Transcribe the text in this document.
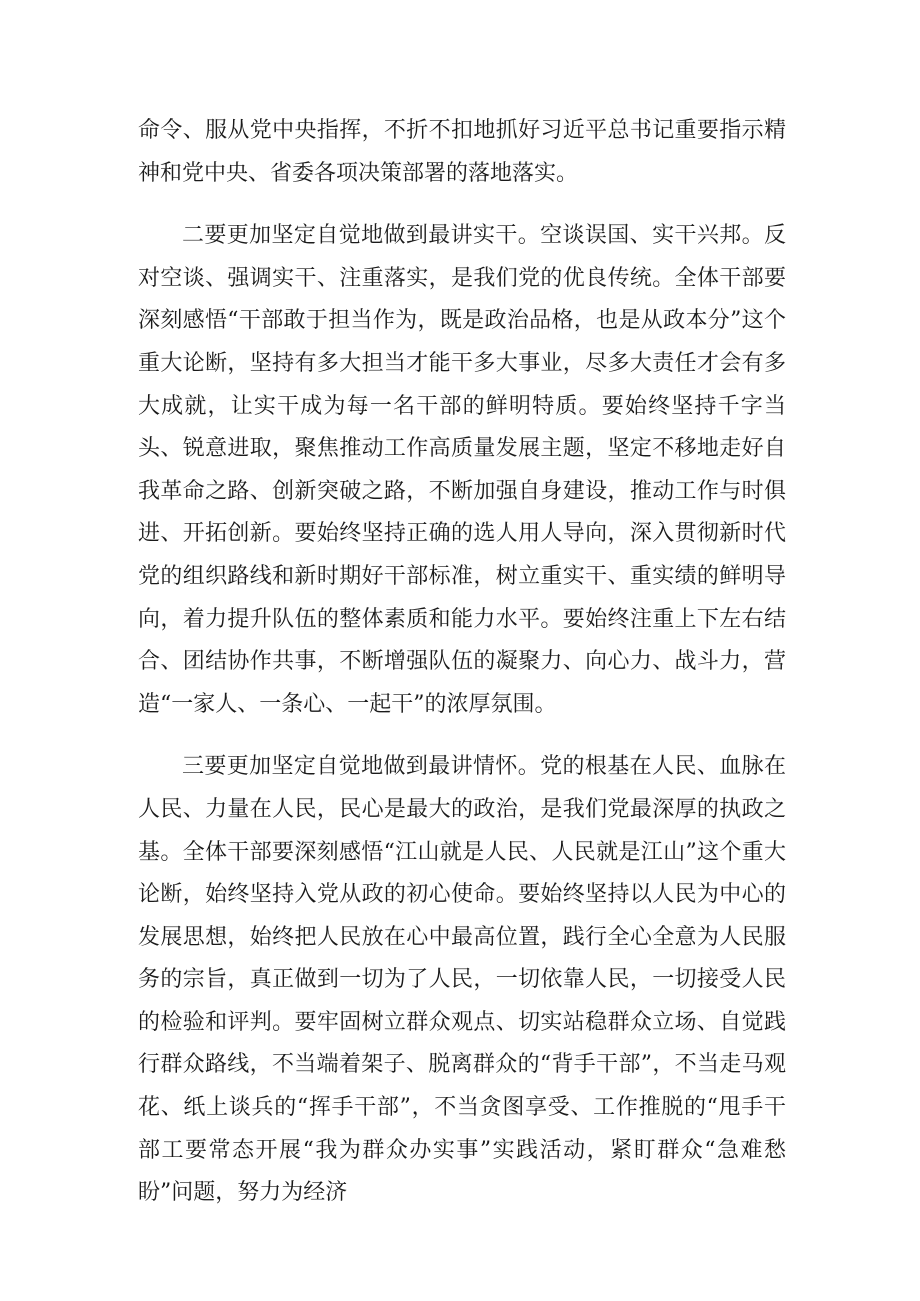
命令、服从党中央指挥，不折不扣地抓好习近平总书记重要指示精神和党中央、省委各项决策部署的落地落实。

二要更加坚定自觉地做到最讲实干。空谈误国、实干兴邦。反对空谈、强调实干、注重落实，是我们党的优良传统。全体干部要深刻感悟“干部敢于担当作为，既是政治品格，也是从政本分”这个重大论断，坚持有多大担当才能干多大事业，尽多大责任才会有多大成就，让实干成为每一名干部的鲜明特质。要始终坚持千字当头、锐意进取，聚焦推动工作高质量发展主题，坚定不移地走好自我革命之路、创新突破之路，不断加强自身建设，推动工作与时俱进、开拓创新。要始终坚持正确的选人用人导向，深入贯彻新时代党的组织路线和新时期好干部标准，树立重实干、重实绩的鲜明导向，着力提升队伍的整体素质和能力水平。要始终注重上下左右结合、团结协作共事，不断增强队伍的凝聚力、向心力、战斗力，营造“一家人、一条心、一起干”的浓厚氛围。

三要更加坚定自觉地做到最讲情怀。党的根基在人民、血脉在人民、力量在人民，民心是最大的政治，是我们党最深厚的执政之基。全体干部要深刻感悟“江山就是人民、人民就是江山”这个重大论断，始终坚持入党从政的初心使命。要始终坚持以人民为中心的发展思想，始终把人民放在心中最高位置，践行全心全意为人民服务的宗旨，真正做到一切为了人民，一切依靠人民，一切接受人民的检验和评判。要牢固树立群众观点、切实站稳群众立场、自觉践行群众路线，不当端着架子、脱离群众的“背手干部”，不当走马观花、纸上谈兵的“挥手干部”，不当贪图享受、工作推脱的“甩手干部工要常态开展“我为群众办实事”实践活动，紧盯群众“急难愁盼”问题，努力为经济
